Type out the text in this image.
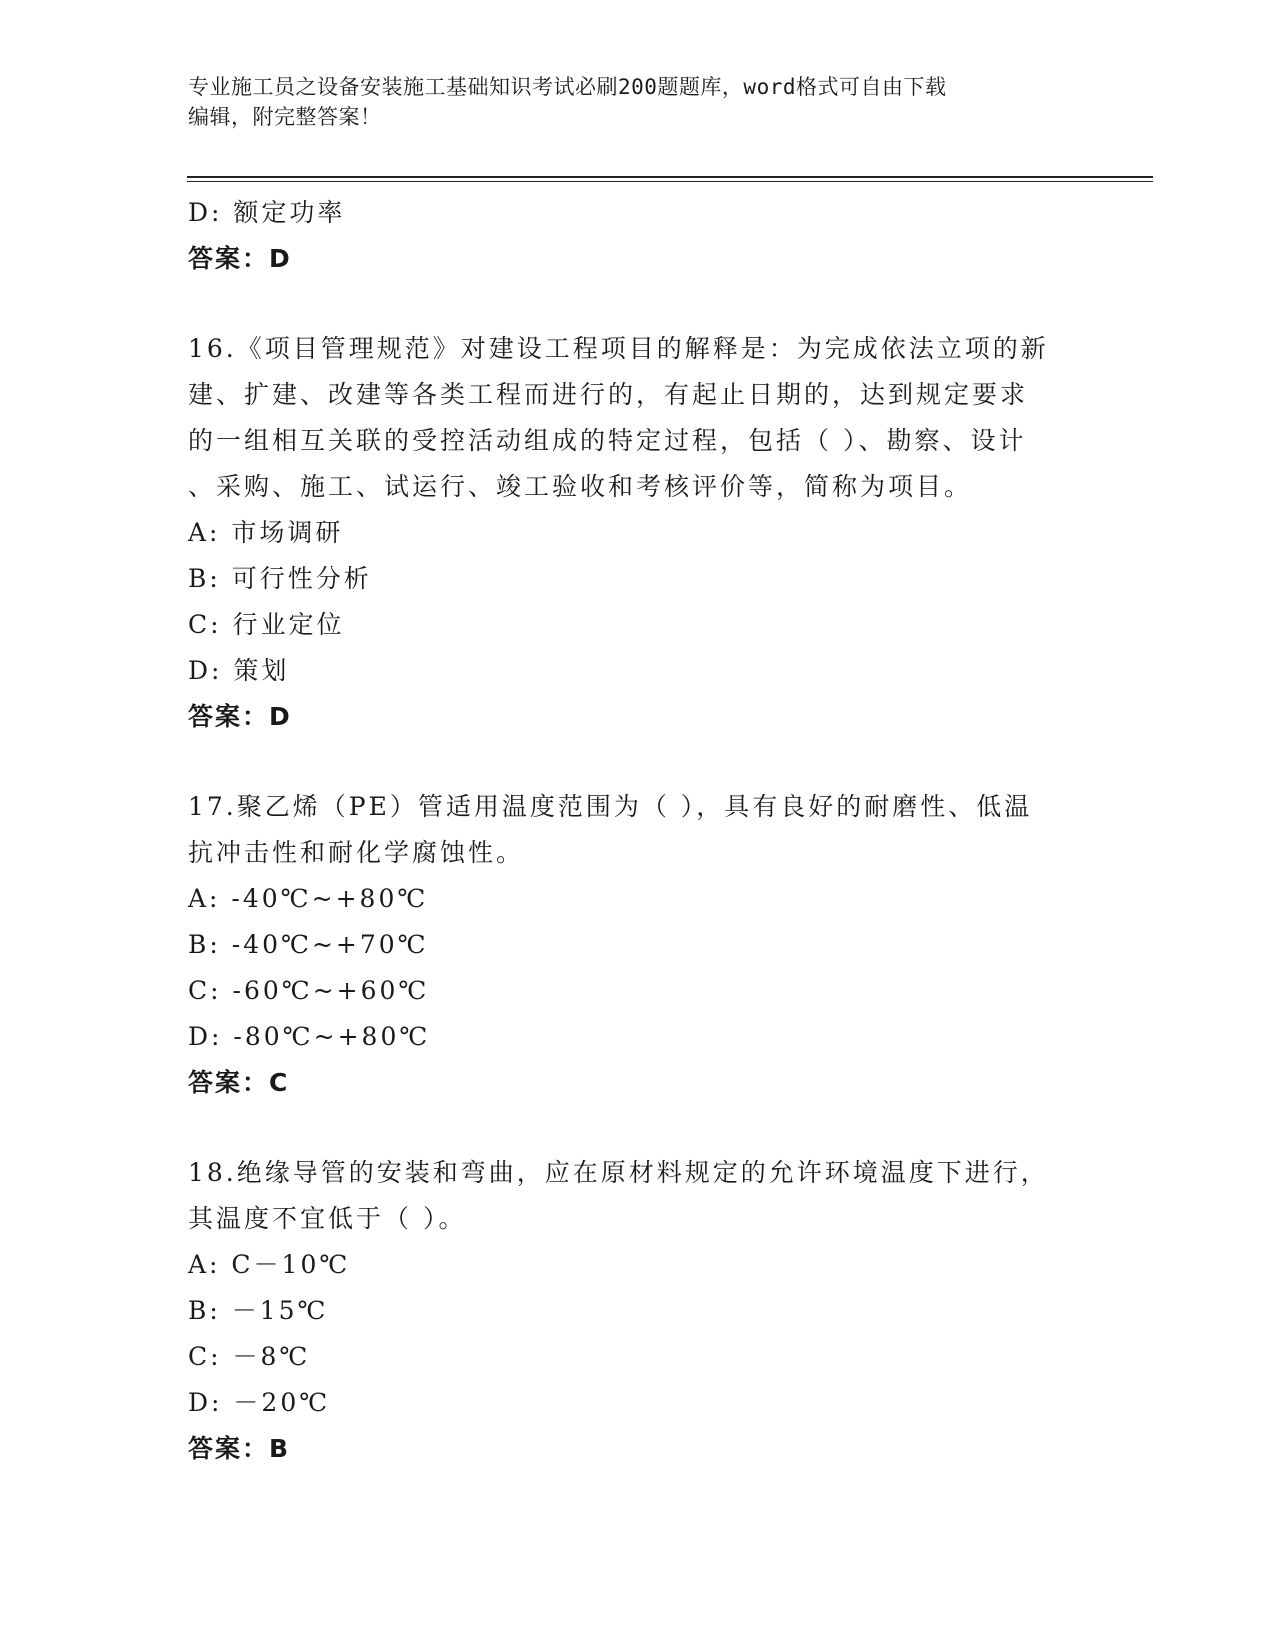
专业施工员之设备安装施工基础知识考试必刷200题题库，word格式可自由下载
编辑，附完整答案！
D: 额定功率
答案：D
16.《项目管理规范》对建设工程项目的解释是：为完成依法立项的新
建、扩建、改建等各类工程而进行的，有起止日期的，达到规定要求
的一组相互关联的受控活动组成的特定过程，包括（ ）、勘察、设计
、采购、施工、试运行、竣工验收和考核评价等，简称为项目。
A: 市场调研
B: 可行性分析
C: 行业定位
D: 策划
答案：D
17.聚乙烯（PE）管适用温度范围为（ ），具有良好的耐磨性、低温
抗冲击性和耐化学腐蚀性。
A: -40℃~+80℃
B: -40℃~+70℃
C: -60℃~+60℃
D: -80℃~+80℃
答案：C
18.绝缘导管的安装和弯曲，应在原材料规定的允许环境温度下进行，
其温度不宜低于（ ）。
A: C－10℃
B: －15℃
C: －8℃
D: －20℃
答案：B
